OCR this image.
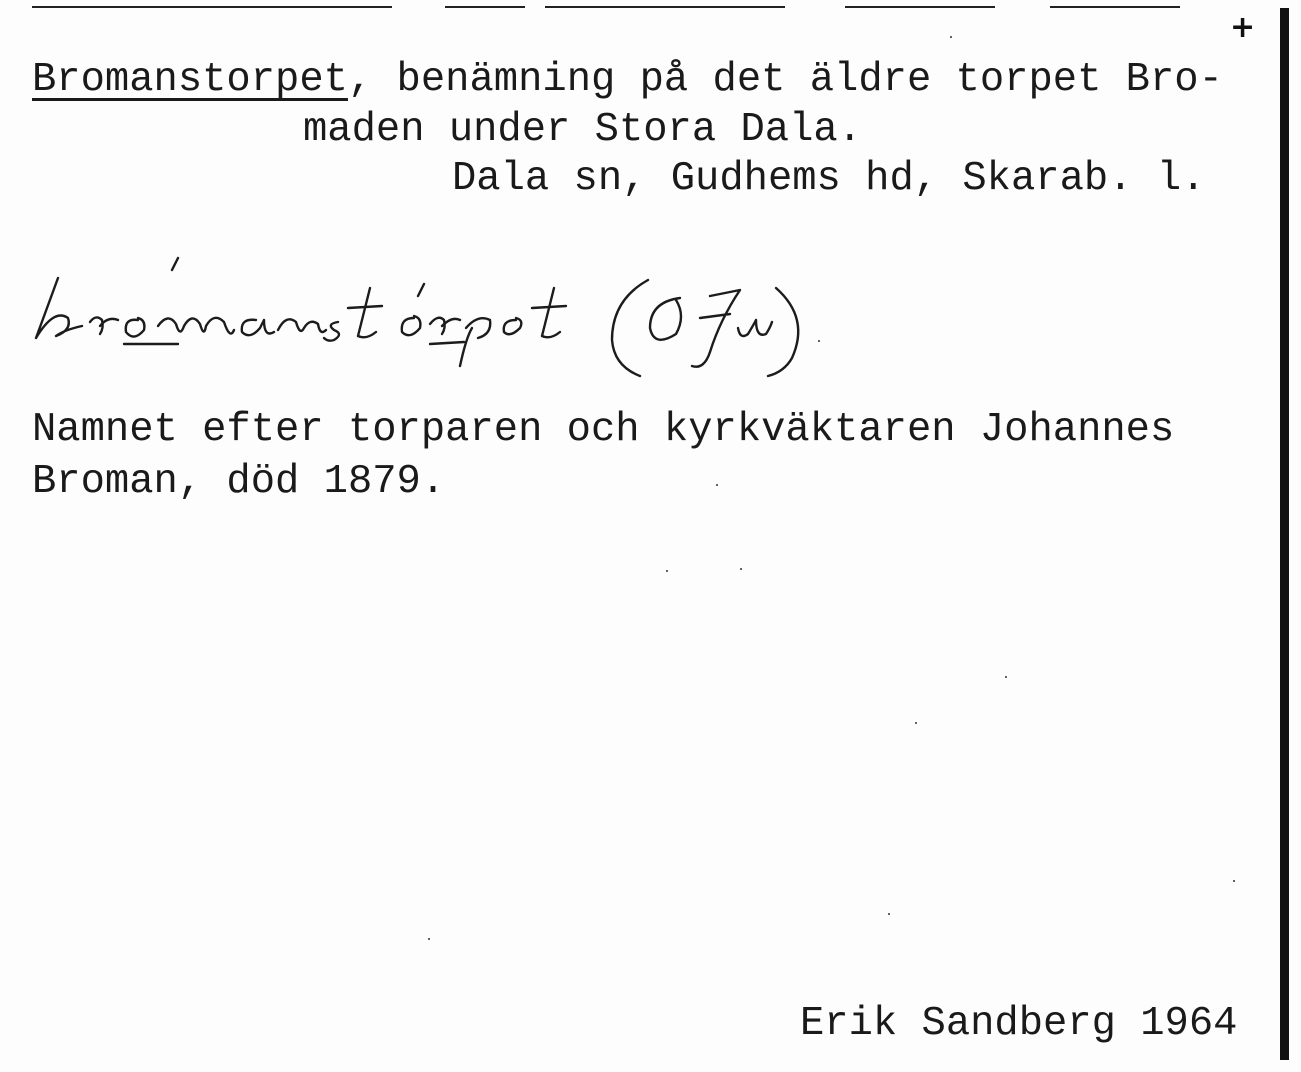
+
Bromanstorpet, benämning på det äldre torpet Bro-
maden under Stora Dala.
Dala sn, Gudhems hd, Skarab. l.
Namnet efter torparen och kyrkväktaren Johannes
Broman, död 1879.
Erik Sandberg 1964
